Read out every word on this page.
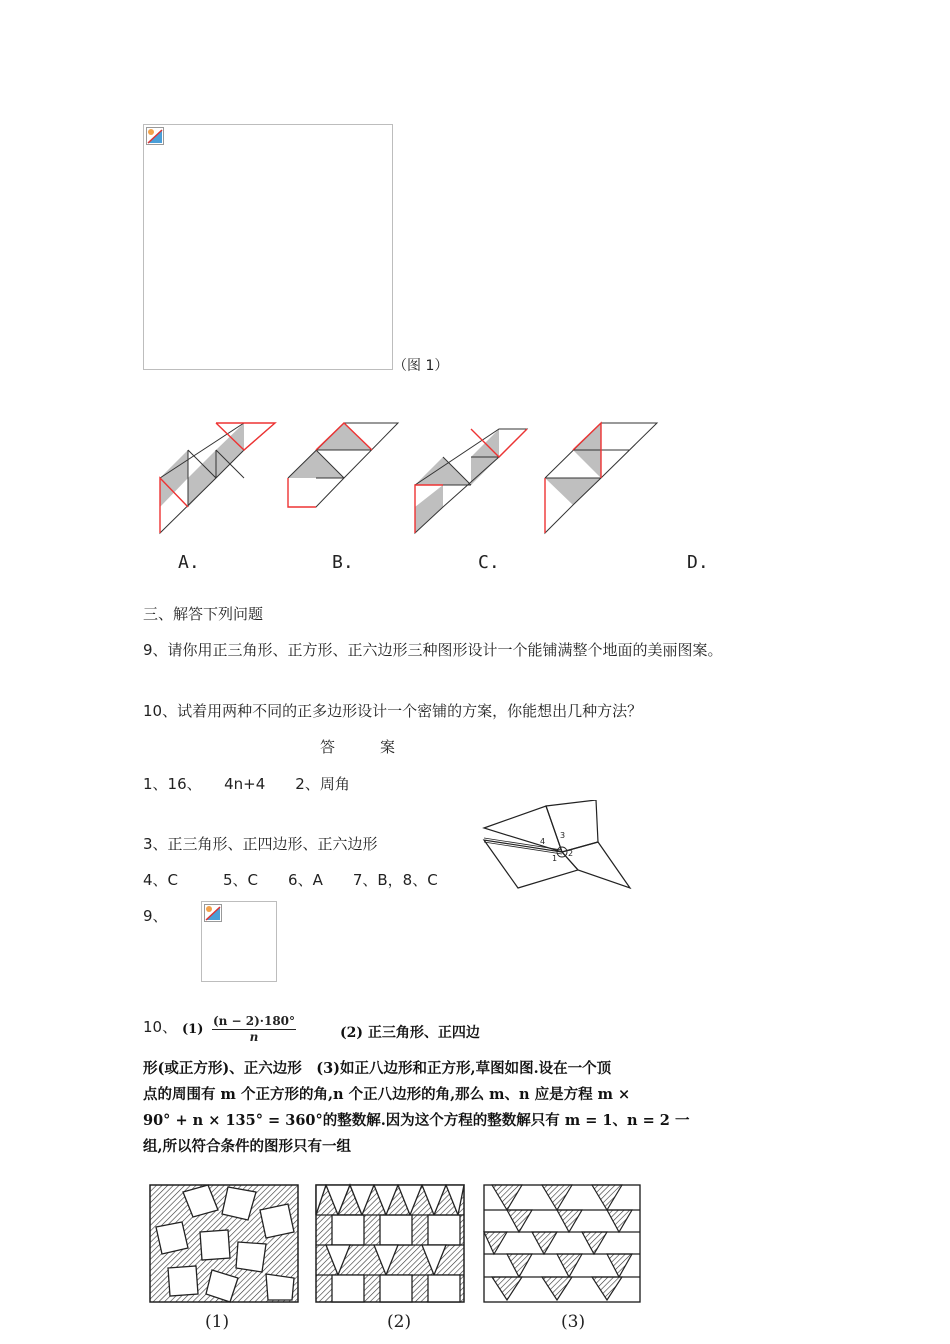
（图 1）
A.	B.	C.	D.
三、解答下列问题
9、请你用正三角形、正方形、正六边形三种图形设计一个能铺满整个地面的美丽图案。
10、试着用两种不同的正多边形设计一个密铺的方案，你能想出几种方法？
答　　　案
1、16、　　4n+4　　2、周角
3、正三角形、正四边形、正六边形
4、C　　　5、C　　6、A　　7、B，8、C
9、
1
2
3
4
10、 $(1) \frac{(n - 2)\cdot 180^\circ}{n}$	(2) 正三角形、正四边
形(或正方形)、正六边形　(3)如正八边形和正方形,草图如图.设在一个顶
点的周围有 m 个正方形的角,n 个正八边形的角,那么 m、n 应是方程 m ×
90° + n × 135° = 360°的整数解.因为这个方程的整数解只有 m = 1、n = 2 一
组,所以符合条件的图形只有一组
(1)	(2)	(3)
